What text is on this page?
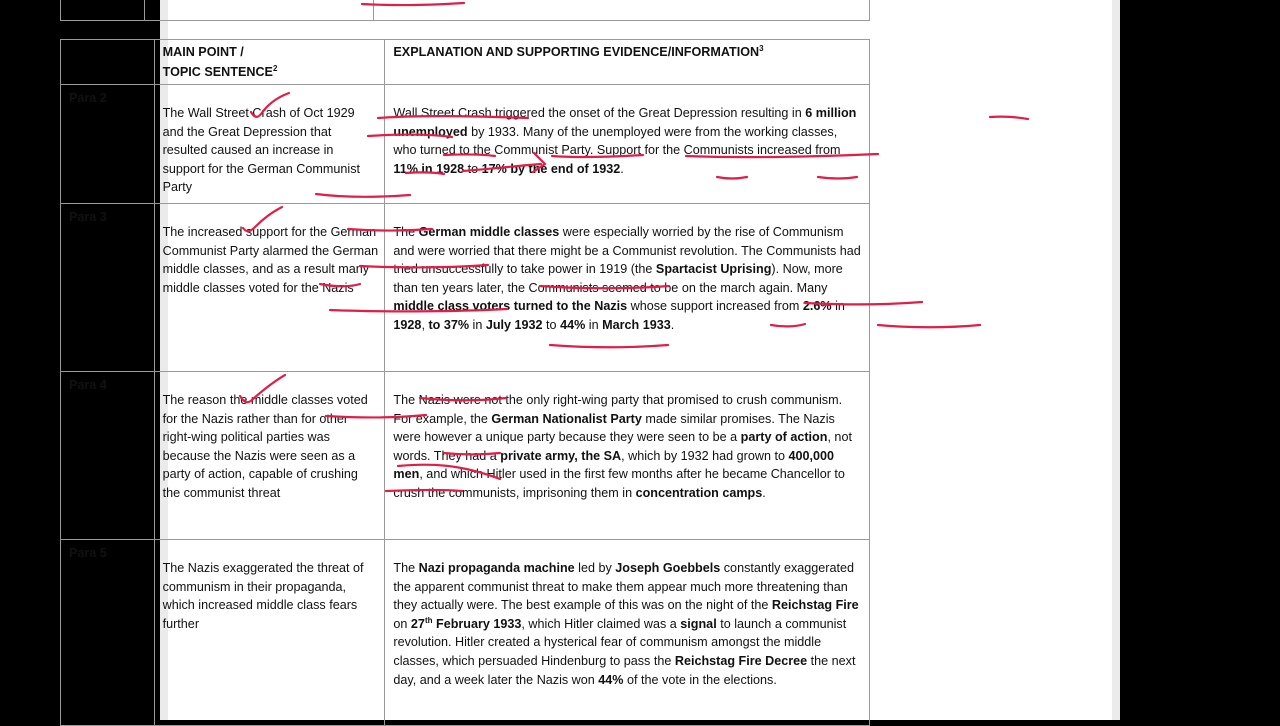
	MAIN POINT /
TOPIC SENTENCE$^2$	EXPLANATION AND SUPPORTING EVIDENCE/INFORMATION$^3$
Para 2	The Wall Street Crash of Oct 1929 and the Great Depression that resulted caused an increase in support for the German Communist Party	Wall Street Crash triggered the onset of the Great Depression resulting in 6 million unemployed by 1933. Many of the unemployed were from the working classes, who turned to the Communist Party. Support for the Communists increased from 11% in 1928 to 17% by the end of 1932.
Para 3	The increased support for the German Communist Party alarmed the German middle classes, and as a result many middle classes voted for the Nazis	The German middle classes were especially worried by the rise of Communism and were worried that there might be a Communist revolution. The Communists had tried unsuccessfully to take power in 1919 (the Spartacist Uprising). Now, more than ten years later, the Communists seemed to be on the march again. Many middle class voters turned to the Nazis whose support increased from 2.6% in 1928, to 37% in July 1932 to 44% in March 1933.
Para 4	The reason the middle classes voted for the Nazis rather than for other right-wing political parties was because the Nazis were seen as a party of action, capable of crushing the communist threat	The Nazis were not the only right-wing party that promised to crush communism. For example, the German Nationalist Party made similar promises. The Nazis were however a unique party because they were seen to be a party of action, not words. They had a private army, the SA, which by 1932 had grown to 400,000 men, and which Hitler used in the first few months after he became Chancellor to crush the communists, imprisoning them in concentration camps.
Para 5	The Nazis exaggerated the threat of communism in their propaganda, which increased middle class fears further	The Nazi propaganda machine led by Joseph Goebbels constantly exaggerated the apparent communist threat to make them appear much more threatening than they actually were. The best example of this was on the night of the Reichstag Fire on 27th February 1933, which Hitler claimed was a signal to launch a communist revolution. Hitler created a hysterical fear of communism amongst the middle classes, which persuaded Hindenburg to pass the Reichstag Fire Decree the next day, and a week later the Nazis won 44% of the vote in the elections.
